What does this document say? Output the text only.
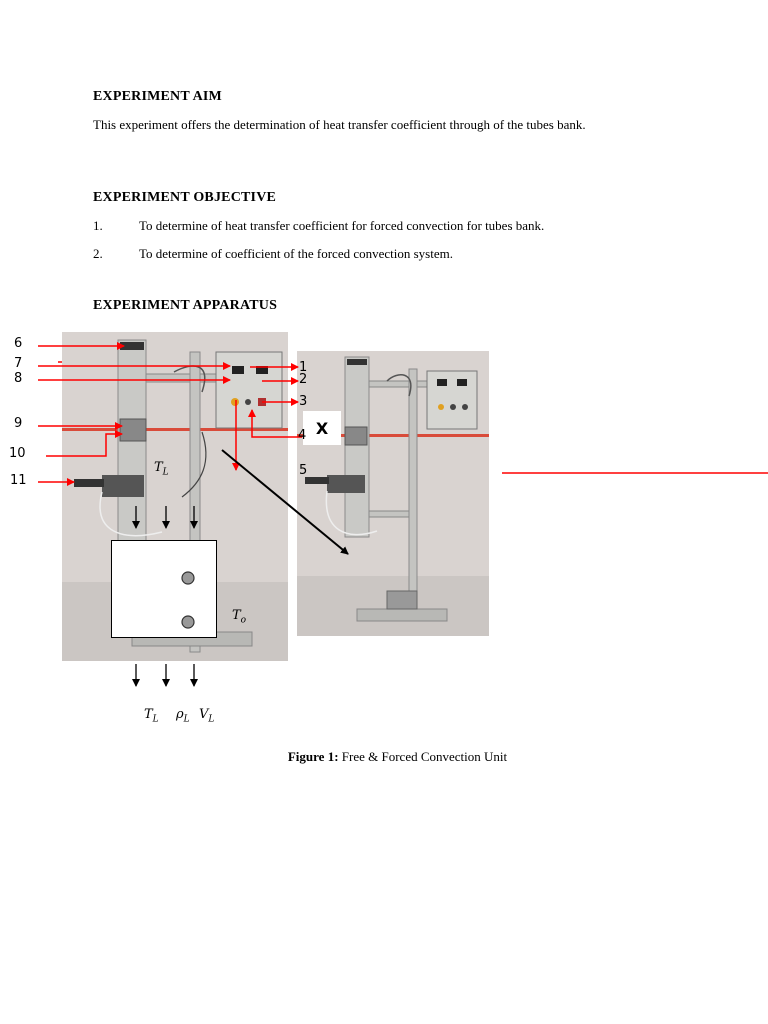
EXPERIMENT AIM
This experiment offers the determination of heat transfer coefficient through of the tubes bank.
EXPERIMENT OBJECTIVE
1.	To determine of heat transfer coefficient for forced convection for tubes bank.
2.	To determine of coefficient of the forced convection system.
EXPERIMENT APPARATUS
X
6
7
8
9
10
11
1
2
3
4
5
$T_L$
$T_o$
$T_L$ $\rho_L$ $V_L$
Figure 1: Free & Forced Convection Unit
